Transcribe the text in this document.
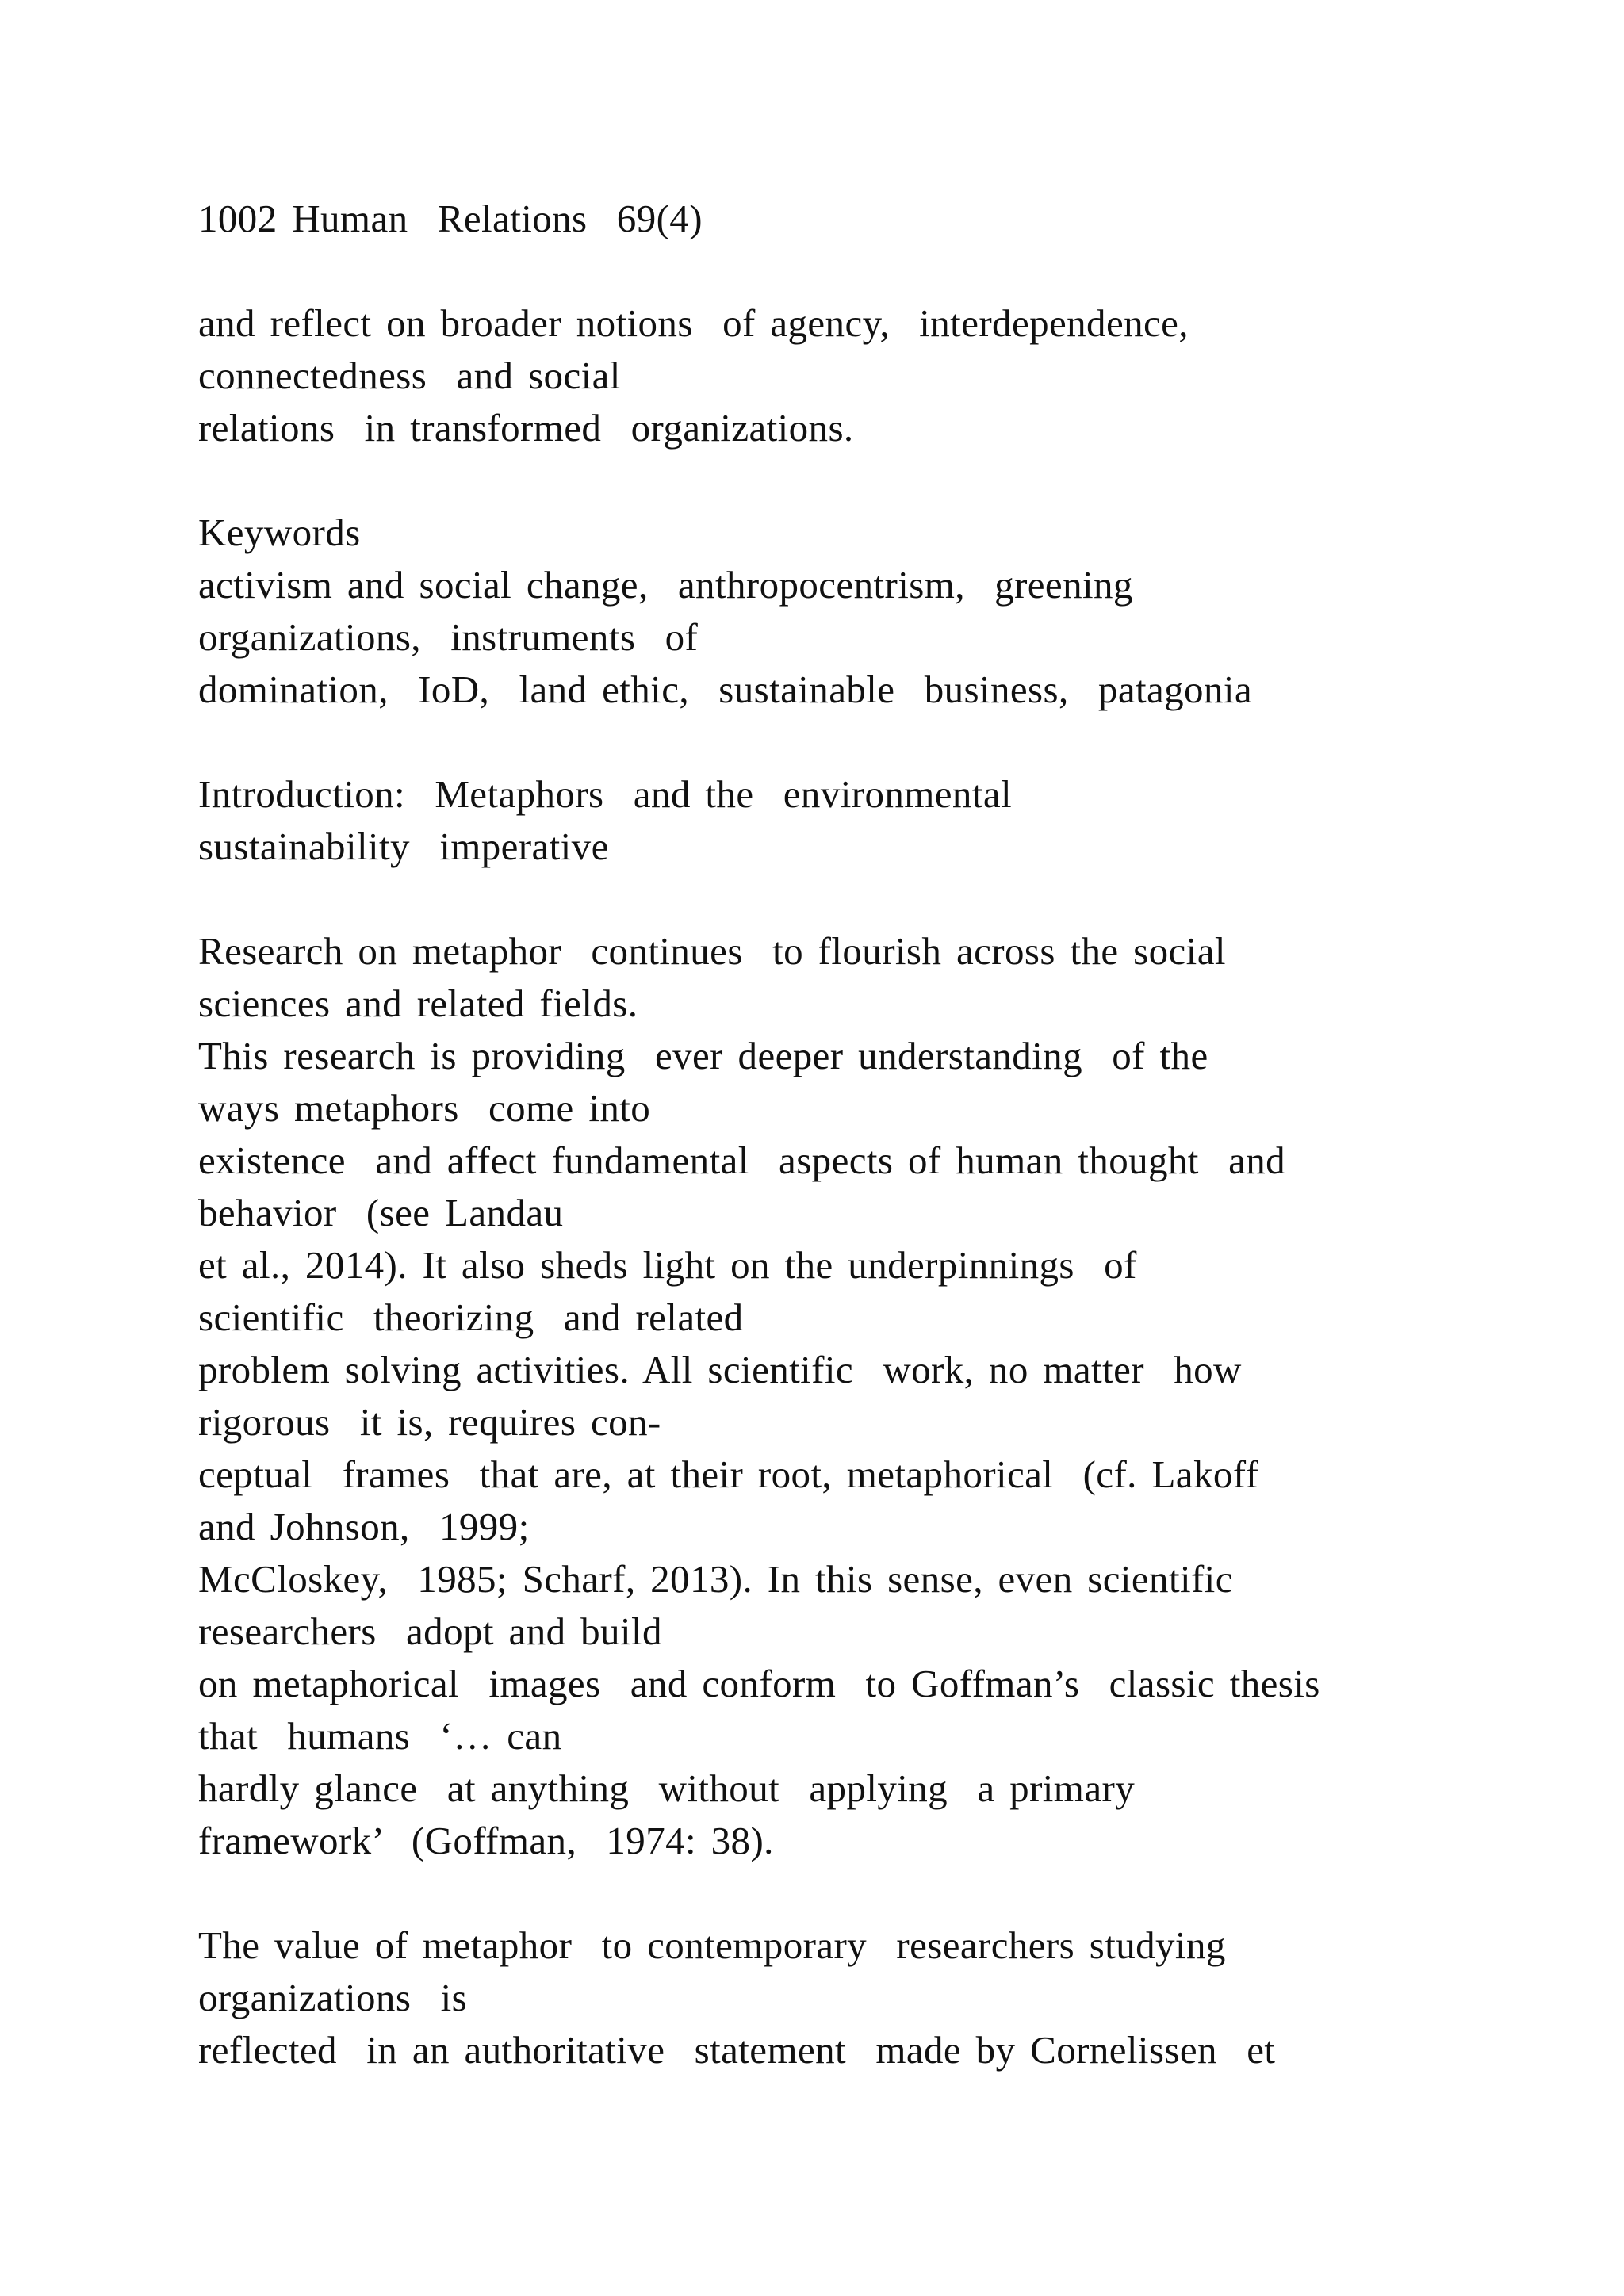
1002 Human  Relations  69(4)
and reflect on broader notions  of agency,  interdependence,
connectedness  and social
relations  in transformed  organizations.
Keywords
activism and social change,  anthropocentrism,  greening
organizations,  instruments  of
domination,  IoD,  land ethic,  sustainable  business,  patagonia
Introduction:  Metaphors  and the  environmental
sustainability  imperative
Research on metaphor  continues  to flourish across the social
sciences and related fields.
This research is providing  ever deeper understanding  of the
ways metaphors  come into
existence  and affect fundamental  aspects of human thought  and
behavior  (see Landau
et al., 2014). It also sheds light on the underpinnings  of
scientific  theorizing  and related
problem solving activities. All scientific  work, no matter  how
rigorous  it is, requires con-
ceptual  frames  that are, at their root, metaphorical  (cf. Lakoff
and Johnson,  1999;
McCloskey,  1985; Scharf, 2013). In this sense, even scientific
researchers  adopt and build
on metaphorical  images  and conform  to Goffman’s  classic thesis
that  humans  ‘… can
hardly glance  at anything  without  applying  a primary
framework’  (Goffman,  1974: 38).
The value of metaphor  to contemporary  researchers studying
organizations  is
reflected  in an authoritative  statement  made by Cornelissen  et
